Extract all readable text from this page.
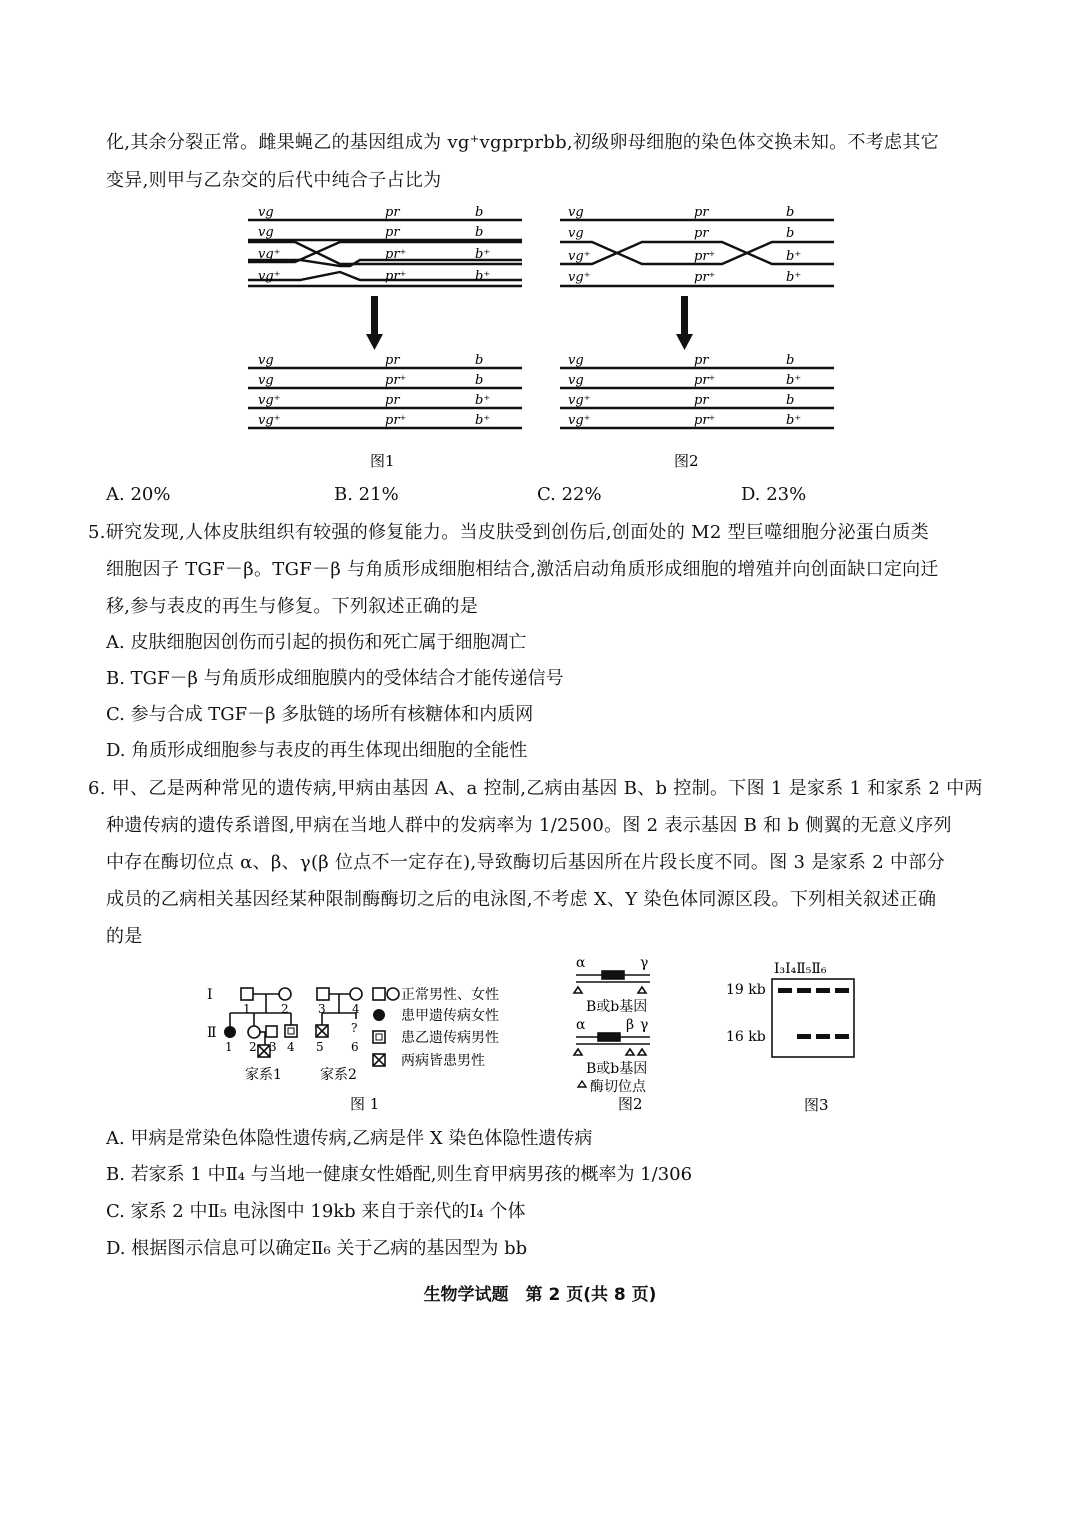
化,其余分裂正常。雌果蝇乙的基因组成为 vg⁺vgprprbb,初级卵母细胞的染色体交换未知。不考虑其它
变异,则甲与乙杂交的后代中纯合子占比为
vg	pr	b
vg	pr	b
vg⁺	pr⁺	b⁺
vg⁺	pr⁺	b⁺
vg	pr	b
vg	pr⁺	b
vg⁺	pr	b⁺
vg⁺	pr⁺	b⁺
图1
vg	pr	b
vg	pr	b
vg⁺	pr⁺	b⁺
vg⁺	pr⁺	b⁺
vg	pr	b
vg	pr⁺	b⁺
vg⁺	pr	b
vg⁺	pr⁺	b⁺
图2
A. 20%	B. 21%	C. 22%	D. 23%
5.研究发现,人体皮肤组织有较强的修复能力。当皮肤受到创伤后,创面处的 M2 型巨噬细胞分泌蛋白质类
细胞因子 TGF－β。TGF－β 与角质形成细胞相结合,激活启动角质形成细胞的增殖并向创面缺口定向迁
移,参与表皮的再生与修复。下列叙述正确的是
A. 皮肤细胞因创伤而引起的损伤和死亡属于细胞凋亡
B. TGF－β 与角质形成细胞膜内的受体结合才能传递信号
C. 参与合成 TGF－β 多肽链的场所有核糖体和内质网
D. 角质形成细胞参与表皮的再生体现出细胞的全能性
6. 甲、乙是两种常见的遗传病,甲病由基因 A、a 控制,乙病由基因 B、b 控制。下图 1 是家系 1 和家系 2 中两
种遗传病的遗传系谱图,甲病在当地人群中的发病率为 1/2500。图 2 表示基因 B 和 b 侧翼的无意义序列
中存在酶切位点 α、β、γ(β 位点不一定存在),导致酶切后基因所在片段长度不同。图 3 是家系 2 中部分
成员的乙病相关基因经某种限制酶酶切之后的电泳图,不考虑 X、Y 染色体同源区段。下列相关叙述正确
的是
Ⅰ
Ⅱ
1	2
1 2 3 4
3 4
?
5 6
家系1	家系2
正常男性、女性
患甲遗传病女性
患乙遗传病男性
两病皆患男性
图 1
α	γ
B或b基因
α	β γ
B或b基因
酶切位点
图2
Ⅰ₃Ⅰ₄Ⅱ₅Ⅱ₆
19 kb
16 kb
图3
A. 甲病是常染色体隐性遗传病,乙病是伴 X 染色体隐性遗传病
B. 若家系 1 中Ⅱ₄ 与当地一健康女性婚配,则生育甲病男孩的概率为 1/306
C. 家系 2 中Ⅱ₅ 电泳图中 19kb 来自于亲代的Ⅰ₄ 个体
D. 根据图示信息可以确定Ⅱ₆ 关于乙病的基因型为 bb
生物学试题　第 2 页(共 8 页)
